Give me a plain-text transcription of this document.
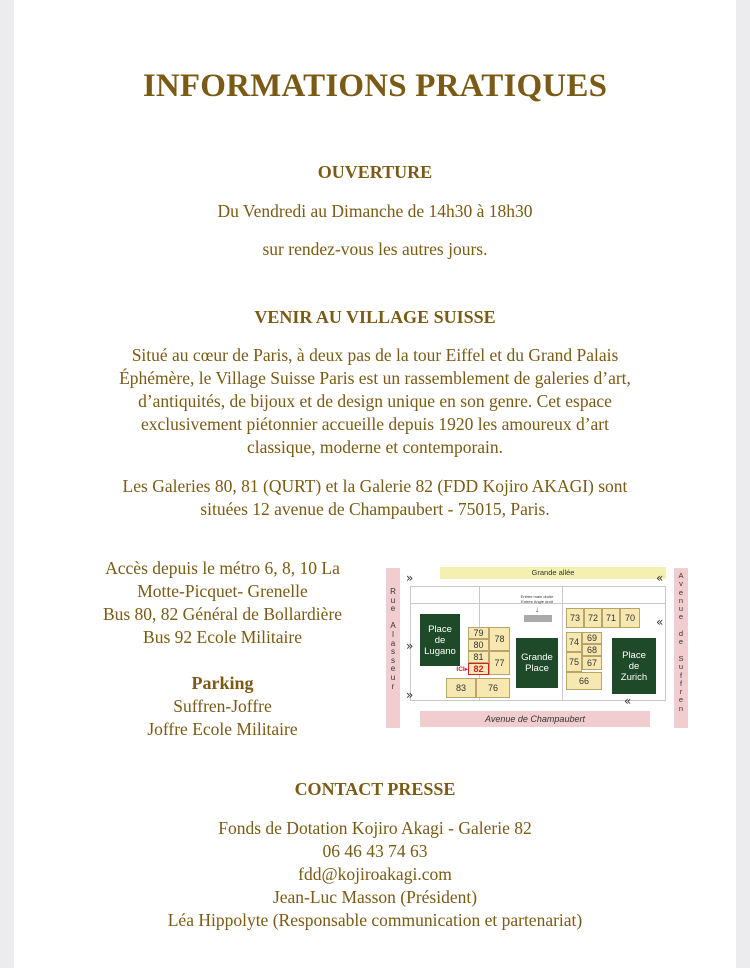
INFORMATIONS PRATIQUES
OUVERTURE
Du Vendredi au Dimanche de 14h30 à 18h30
sur rendez-vous les autres jours.
VENIR AU VILLAGE SUISSE
Situé au cœur de Paris, à deux pas de la tour Eiffel et du Grand Palais
Éphémère, le Village Suisse Paris est un rassemblement de galeries d’art,
d’antiquités, de bijoux et de design unique en son genre. Cet espace
exclusivement piétonnier accueille depuis 1920 les amoureux d’art
classique, moderne et contemporain.
Les Galeries 80, 81 (QURT) et la Galerie 82 (FDD Kojiro AKAGI) sont
situées 12 avenue de Champaubert - 75015, Paris.
Accès depuis le métro 6, 8, 10 La
Motte-Picquet- Grenelle
Bus 80, 82 Général de Bollardière
Bus 92 Ecole Militaire
Parking
Suffren-Joffre
Joffre Ecole Militaire
Grande allée
Avenue de Champaubert
R
u
e

A
l
a
s
s
e
u
r
A
v
e
n
u
e

d
e

S
u
f
f
r
e
n
»	«
»
«
»	«
Entrée main droite
Entrée Angle droit
↓
Place
de
Lugano
Grande
Place
Place
de
Zurich
79
78
80
81
77
82
ICI▸
83	76
73 72 71 70
74 69
68
75 67
66
CONTACT PRESSE
Fonds de Dotation Kojiro Akagi - Galerie 82
06 46 43 74 63
fdd@kojiroakagi.com
Jean-Luc Masson (Président)
Léa Hippolyte (Responsable communication et partenariat)
